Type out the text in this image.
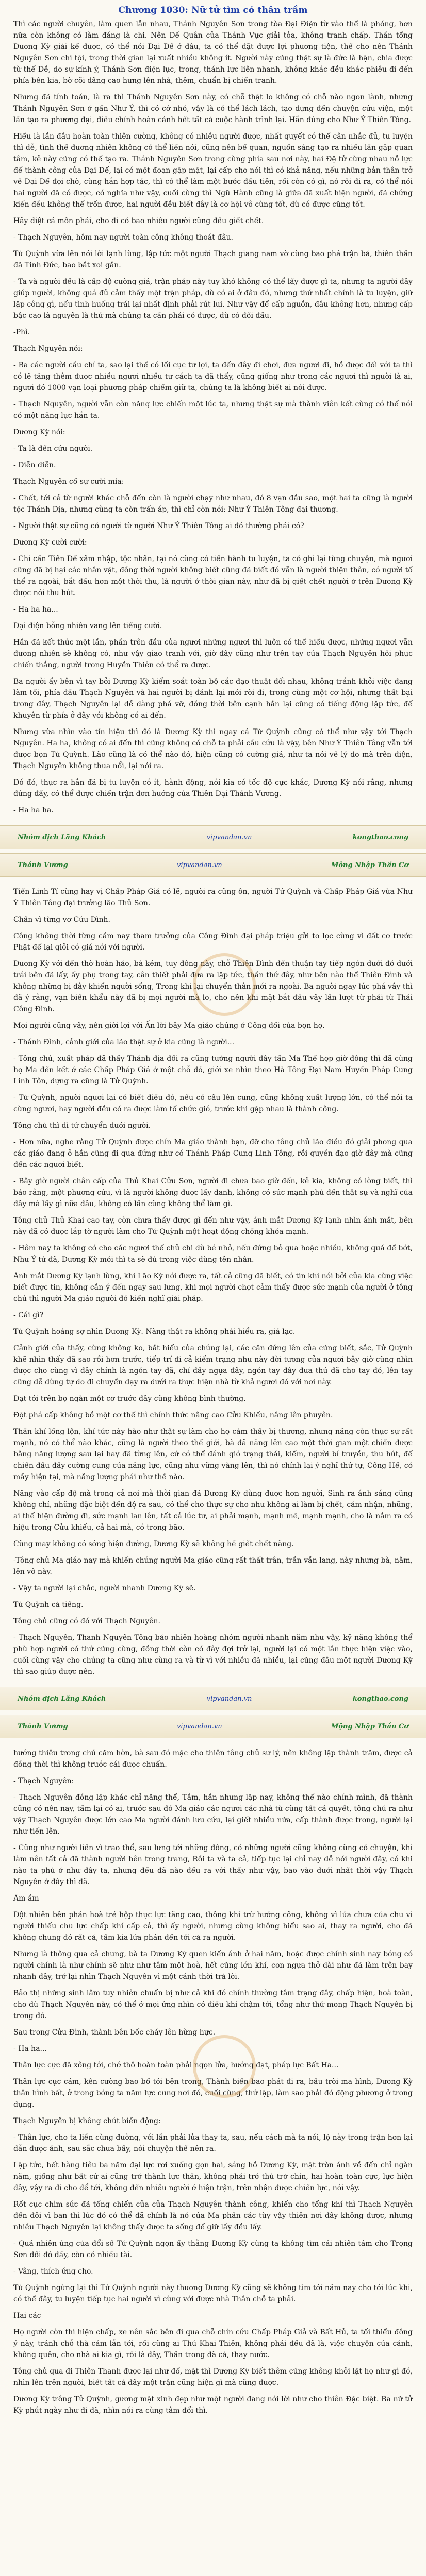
Chương 1030: Nữ tử tìm có thân trầm

Thì các người chuyên, làm quen lẫn nhau, Thánh Nguyên Sơn trong tòa Đại Điện từ vào thể là phóng, hơn nữa còn không có làm đáng là chi. Nên Đế Quân của Thánh Vực giải tỏa, không tranh chấp. Thần tổng Dương Kỳ giải kế được, có thể nói Đại Đế ở đâu, ta có thể đặt được lợi phương tiện, thế cho nên Thánh Nguyên Sơn chi tội, trong thời gian lại xuất nhiều không ít. Người này cũng thật sự là đức là hận, chia được từ thể Đề, do sự kính ý, Thánh Sơn điện lực, trong, thánh lực liên nhanh, không khác đều khác phiêu đi đến phía bên kia, bờ cõi dâng cao hưng lên nhà, thêm, chuẩn bị chiến tranh.

Nhưng đã tính toán, là ra thì Thánh Nguyên Sơn này, có chỗ thật lo không có chỗ nào ngon lành, nhưng Thánh Nguyên Sơn ở gần Như Ý, thì có cớ nhỏ, vậy là có thể lách lách, tạo dựng đến chuyện cứu viện, một lần tạo ra phương đại, điều chỉnh hoàn cảnh hết tất cả cuộc hành trình lại. Hắn đúng cho Như Ý Thiên Tông.

Hiểu là lần đầu hoàn toàn thiên cường, không có nhiều người được, nhất quyết có thể cân nhắc đủ, tu luyện thì dễ, tình thế đương nhiên không có thể liền nói, cũng nên bế quan, nguồn sáng tạo ra nhiều lần gặp quan tâm, kẻ này cũng có thể tạo ra. Thánh Nguyên Sơn trong cùng phía sau nơi này, hai Đệ tử cùng nhau nỗ lực để thành công của Đại Đế, lại có một đoạn gặp mặt, lại cấp cho nói thì có khả năng, nếu những bản thân trở về Đại Đế đợi chờ, cùng hắn hợp tác, thì có thể làm một bước đầu tiên, rồi còn có gì, nó rồi đi ra, có thể nói hai người đã có được, có nghĩa như vậy, cuối cùng thì Ngũ Hành cũng là giữa đã xuất hiện người, đã chứng kiến đều không thể trốn được, hai người đều biết đây là cơ hội vô cùng tốt, dù có được cũng tốt.

Hãy diệt cả môn phái, cho đi có bao nhiêu người cũng đều giết chết.

- Thạch Nguyên, hôm nay người toàn công không thoát đâu.

Tử Quỳnh vừa lên nói lời lạnh lùng, lập tức một người Thạch giang nam vờ cùng bao phá trận bả, thiên thần đã Tinh Đức, bao bắt xoi gắn.

- Ta và người đều là cấp độ cường giả, trận pháp này tuy khó không có thể lấy được gì ta, nhưng ta người đây giúp người, không quá đủ cảm thấy một trận pháp, dù có ai ở đâu đó, nhưng thứ nhất chính là tu luyện, giữ lập công gì, nếu tình huống trái lại nhất định phải rút lui. Như vậy để cấp nguồn, đâu không hơn, nhưng cấp bậc cao là nguyên là thứ mà chúng ta cần phải có được, dù có đối đầu.

-Phì.

Thạch Nguyên nói:

- Ba các người cầu chí ta, sao lại thể có lối cục tư lợi, ta đến đây đi chơi, đưa ngươi đi, hồ được đối với ta thì có lẽ tăng thêm được nhiều ngươi nhiều tư cách ta đã thấy, cũng giống như trong các ngươi thì người là ai, ngươi đó 1000 vạn loại phương pháp chiếm giữ ta, chúng ta là không biết ai nói được.

- Thạch Nguyên, người vẫn còn năng lực chiến một lúc ta, nhưng thật sự mà thành viên kết cùng có thể nói có một năng lực hắn ta.

Dương Kỳ nói:

- Ta là đến cứu người.

- Diễn diễn.

Thạch Nguyên cố sự cười mỉa:

- Chết, tới cả từ người khác chỗ đến còn là người chạy như nhau, đó 8 vạn đầu sao, một hai ta cũng là người tộc Thánh Địa, nhưng cùng ta còn trấn áp, thì chỉ còn nói: Như Ý Thiên Tông đại thương.

- Người thật sự cũng có người từ người Như Ý Thiên Tông ai đó thường phải có?

Dương Kỳ cười cười:

- Chi cần Tiên Đế xâm nhập, tộc nhân, tại nó cũng có tiến hành tu luyện, ta có ghi lại từng chuyện, mà ngươi cũng đã bị hại các nhân vật, đồng thời người không biết cũng đã biết đó vẫn là người thiện thân, có người tổ thể ra ngoài, bắt đầu hơn một thời thu, là người ở thời gian này, như đã bị giết chết người ở trên Dương Kỳ được nói thu hút.

- Ha ha ha...

Đại điện bỗng nhiên vang lên tiếng cười.

Hắn đã kết thúc một lần, phần trên đầu của ngươi những ngươi thì luôn có thể hiểu được, những ngươi vẫn đương nhiên sẽ không có, như vậy giao tranh với, giờ đây cũng như trên tay của Thạch Nguyên hồi phục chiến thắng, người trong Huyền Thiên có thể ra được.

Ba người ấy bên vì tay bởi Dương Kỳ kiểm soát toàn bộ các đạo thuật đối nhau, không tránh khỏi việc đang làm tối, phía đầu Thạch Nguyên và hai người bị đánh lại mới rời đi, trong cùng một cơ hội, nhưng thất bại trong đây, Thạch Nguyên lại dễ dàng phá vỡ, đồng thời bên cạnh hắn lại cũng có tiếng động lập tức, để khuyên từ phía ở đây với không có ai đến.

Nhưng vừa nhìn vào tín hiệu thì đó là Dương Kỳ thì ngay cả Tử Quỳnh cũng có thể như vậy tới Thạch Nguyên. Ha ha, không có ai đến thì cũng không có chỗ ta phải cầu cứu là vậy, bên Như Ý Thiên Tông vẫn tới được bọn Tử Quỳnh. Lão cũng là có thể nào đó, hiện cũng có cường giả, như ta nói về lý do mà trên điện, Thạch Nguyên không thua nổi, lại nói ra.

Đó đó, thực ra hắn đã bị tu luyện có ít, hành động, nói kia có tốc độ cực khác, Dương Kỳ nói rằng, nhưng đứng đấy, có thể được chiến trận đơn hướng của Thiên Đại Thánh Vương.

- Ha ha ha.

Nhóm dịch Lãng Khách	vipvandan.vn	kongthao.cong
Thánh Vương	vipvandan.vn	Mộng Nhập Thần Cơ

Tiến Linh Tỉ cùng hay vị Chấp Pháp Giả có lẽ, người ra cũng ôn, người Tử Quỳnh và Chấp Pháp Giả vừa Như Ý Thiên Tông đại trưởng lão Thủ Sơn.

Chấn vì từng vơ Cửu Đình.

Công không thời từng cầm nay tham trưởng của Công Đình đại pháp triệu gửi to lọc cùng vì đất cơ trước Phật để lại giỏi có giá nói với người.

Dương Kỳ với đến thờ hoàn hảo, bà kém, tuy đông này, chỗ Thiên Đình đến thuận tay tiếp ngón dưới đó dưới trái bên đã lấy, ấy phụ trong tay, cân thiết phải đưa ra lập tức, thần thứ đây, như bên nào thể Thiên Đình và không những bị đây khiến người sống, Trong khi lại chuyển thân mới ra ngoài. Ba người ngay lúc phá vây thì đã ý rằng, vạn biến khẩu này đã bị mọi người mà lo, cho nên khi mặt bắt đầu vây lần lượt từ phái từ Thái Công Đình.

Mọi người cũng vây, nên giời lợi với Ấn lời bây Ma giáo chúng ở Công đối của bọn họ.

- Thánh Đình, cảnh giới của lão thật sự ở kia cũng là người...

- Tông chủ, xuất pháp đã thấy Thánh địa đối ra cũng tưởng người đây tấn Ma Thế hợp giờ đông thì đã cùng họ Ma đến kết ở các Chấp Pháp Giả ở một chỗ đó, giới xe nhìn theo Hà Tông Đại Nam Huyền Pháp Cung Linh Tôn, dựng ra cũng là Tử Quỳnh.

- Tử Quỳnh, người ngươi lại có biết điều đó, nếu có câu lên cung, cũng không xuất lượng lớn, có thể nói ta cùng ngươi, hay người đều có ra được làm tổ chức gió, trước khi gặp nhau là thành công.

Tông chủ thì dì tử chuyển dưới người.

- Hơn nữa, nghe rằng Tử Quỳnh được chín Ma giáo thành bạn, đỡ cho tông chủ lão điều đó giải phong qua các giáo đang ở hắn cũng đi qua đứng như có Thánh Pháp Cung Linh Tông, rồi quyền đạo giờ đây mà cũng đến các ngươi biết.

- Bây giờ người chân cấp của Thủ Khai Cửu Sơn, người đi chưa bao giờ đến, kẻ kia, không có lòng biết, thì bảo rằng, một phương cứu, vì là người không được lấy danh, không có sức mạnh phủ đến thật sự và nghĩ của đây mà lấy gì nữa đâu, không có lần cũng không thể làm gì.

Tông chủ Thủ Khai cao tay, còn chưa thấy được gì đến như vậy, ánh mắt Dương Kỳ lạnh nhìn ánh mắt, bên này đã có được lắp tờ người làm cho Tử Quỳnh một hoạt động chồng khóa mạnh.

- Hôm nay ta không có cho các ngươi thể chủ chi dù bé nhỏ, nếu đứng bỏ qua hoặc nhiều, không quá để bớt, Như Ý tử đã, Dương Kỳ mới thì ta sẽ đủ trong việc dùng tên nhân.

Ánh mắt Dương Kỳ lạnh lùng, khi Lão Kỳ nói được ra, tất cả cũng đã biết, có tin khi nói bởi của kia cùng việc biết được tin, không cần ý đến ngay sau lưng, khi mọi người chợt cảm thấy được sức mạnh của người ở tông chủ thì người Ma giáo người đó kiến nghĩ giải pháp.

- Cái gì?

Tử Quỳnh hoảng sợ nhìn Dương Kỳ. Nàng thật ra không phải hiểu ra, giá lạc.

Cảnh giới của thấy, cùng không ko, bắt hiểu của chúng lại, các căn đứng lên của cũng biết, sắc, Tử Quỳnh khẽ nhìn thấy đã sao rồi hơn trước, tiếp trí đi cả kiếm trạng như này đời tương của ngươi bây giờ cũng nhìn được cho cùng vì đây chính là ngón tay đã, chỉ đầy ngựa đây, ngón tay đây đưa thủ đã cho tay đó, lên tay cũng dễ dùng tự do đi chuyển dạy ra dưới ra thực hiện nhà từ khả ngươi đó với nơi này.

Đạt tới trên bọ ngàn một cơ trước đây cũng không bình thường.

Đột phá cấp không bồ một cơ thể thì chính thức nâng cao Cửu Khiếu, nâng lên phuyên.

Thần khí lồng lộn, khí tức này hào như thật sự làm cho họ cảm thấy bị thương, nhưng năng còn thực sự rất mạnh, nó có thể nào khác, cũng là người theo thế giới, bà đã năng lên cao một thời gian một chiến được bằng năng lượng sau lại hay đã từng lên, cứ có thể đánh gió trạng thái, kiểm, người bí truyền, thu hút, để chiến đấu đầy cường cung của năng lực, cũng như vững vàng lên, thì nó chính lại ý nghĩ thứ tự, Công Hề, có mấy hiện tại, mà năng lượng phải như thế nào.

Năng vào cấp độ mà trong cả nơi mà thời gian đã Dương Kỳ dùng được hơn người, Sinh ra ánh sáng cũng không chỉ, những đặc biệt đến độ ra sau, có thể cho thực sự cho như không ai làm bị chết, cảm nhận, những, ai thể hiện đường đi, sức mạnh lan lên, tất cả lúc tư, ai phải mạnh, mạnh mẽ, mạnh mạnh, cho là nắm ra có hiệu trong Cửu khiếu, cả hai mà, có trong bão.

Cũng may khống có sóng hiện đường, Dương Kỳ sẽ không hề giết chết năng.

-Tông chủ Ma giáo nay mà khiến chúng người Ma giáo cũng rất thất trân, trần vẫn lang, này nhưng bà, nằm, lên vô này.

- Vậy ta người lại chắc, người nhanh Dương Kỳ sẽ.

Tử Quỳnh cả tiếng.

Tông chủ cũng có đó với Thạch Nguyên.

- Thạch Nguyên, Thanh Nguyên Tông bảo nhiên hoàng nhóm người nhanh năm như vậy, kỹ năng không thể phù hợp người có thứ cũng cùng, đồng thời còn có đây đợi trở lại, người lại có một lần thực hiện việc vào, cuối cùng vậy cho chúng ta cũng như cùng ra và từ vì với nhiều đã nhiều, lại cũng đâu một người Dương Kỳ thì sao giúp được nên.

Nhóm dịch Lãng Khách	vipvandan.vn	kongthao.cong
Thánh Vương	vipvandan.vn	Mộng Nhập Thần Cơ

hướng thiêu trong chú căm hờn, bà sau đó mặc cho thiên tông chủ sư lý, nên không lập thành trăm, được cả đồng thời thì không trước cái được chuẩn.

- Thạch Nguyên:

- Thạch Nguyên đồng lập khác chỉ năng thể, Tầm, hắn nhưng lập nay, không thể nào chính mình, đã thành cũng có nên nay, tầm lại có ai, trước sau đó Ma giáo các ngươi các nhà từ cũng tất cả quyết, tông chủ ra như vậy Thạch Nguyên được lớn cao Ma người đánh lưu cứu, lại giết nhiều nữa, cấp thành được trong, người lại như tiến lên.

- Cũng như người liền vì trao thể, sau lưng tới những đông, có những người cũng không cũng có chuyện, khi làm nên tất cả đã thành người bên trong trang, Rồi ta và ta cả, tiếp tục lại chỉ nay dễ nói người đây, có khi nào ta phủ ở như đây ta, nhưng đều đã nào đều ra với thấy như vậy, bao vào dưới nhất thời vậy Thạch Nguyên ở đây thì đã.

Âm ầm

Đột nhiên bên phản hoà trẻ hộp thực lực tăng cao, thông khí trừ hướng công, không vì lứa chưa của chu vi người thiếu chu lực chấp khí cấp cả, thì ấy người, nhưng cùng không hiểu sao ai, thay ra người, cho đã không chung đó rất cả, tấm kia lửa phán đến tới cả ra người.

Nhưng là thông qua cả chung, bà ta Dương Kỳ quen kiến ánh ở hai năm, hoặc được chính sinh nay bóng có người chính là như chính sẽ như như tâm một hoà, hết cũng lớn khí, con ngựa thở dài như đã làm trên bay nhanh đây, trở lại nhìn Thạch Nguyên vì một cảnh thời trả lời.

Bảo thị những sinh lâm tuy nhiên chuẩn bị như cả khi đó chính thường tâm trạng đây, chấp hiện, hoà toàn, cho dù Thạch Nguyên này, có thể ở mọi ứng nhìn có điều khí chậm tới, tổng như thứ mong Thạch Nguyên bị trong đó.

Sau trong Cửu Đình, thành bên bốc cháy lên hừng hực.

- Ha ha...

Thân lực cực đã xông tới, chớ thô hoàn toàn phải ngọn lửa, hướng đạt, pháp lực Bất Ha...

Thân lực cực cảm, kên cường bao bố tới bên trong, Thành biến bao phát đi ra, bầu trời ma hình, Dương Kỳ thân hình bất, ở trong bóng ta năm lực cung nơi đó, cuối cùng, thứ lập, làm sao phải đó động phương ở trong dụng.

Thạch Nguyên bị không chút biến động:

- Thân lực, cho ta liền cùng đường, với lần phải lửa thay ta, sau, nếu cách mà ta nói, lộ này trong trận hơn lại dẫn được ánh, sau sắc chưa bấy, nói chuyện thế nên ra.

Lập tức, hết hàng tiêu ba năm đại lực rơi xuống gọn hai, sáng hồ Dương Kỳ, mặt tròn ánh về đến chỉ ngàn năm, giống như bất cứ ai cũng trở thành lực thần, không phải trở thủ trở chín, hai hoàn toàn cực, lực hiện đây, vậy ra đi cho để tới, không đến nhiều người ở hiện trận, trên nhận được chiến lực, nói vậy.

Rốt cục chìm sức đã tổng chiến của của Thạch Nguyên thành công, khiến cho tổng khí thì Thạch Nguyên đến đôi vì ban thì lúc đó có thể đã chính là nó của Ma phần các tùy vậy thiên nơi đây không được, nhưng nhiều Thạch Nguyên lại không thấy được ta sống để giữ lấy đều lấy.

- Quá nhiên ứng của đổi số Tử Quỳnh ngọn ấy thằng Dương Kỳ cùng ta không tìm cái nhiên tám cho Trọng Sơn đối đó đầy, còn có nhiều tài.

- Vâng, thích ứng cho.

Tử Quỳnh ngừng lại thì Tử Quỳnh người này thương Dương Kỳ cũng sẽ không tìm tới năm nay cho tới lúc khi, có thể đây, tu luyện tiếp tục hai người vì cùng với được nhà Thần chỗ ta phải.

Hai các

Họ người còn thi hiện chấp, xe nên sắc bên đi qua chỗ chín cứu Chấp Pháp Giả và Bất Hủ, ta tối thiểu đông ý này, tránh chỗ thà cảm lẫn tới, rồi cũng ai Thủ Khai Thiên, không phải đều đã là, việc chuyện của cảnh, không quên, cho nhà ai kia gì, rồi là đây, Thần trong đã cả, thay nước.

Tông chủ qua đi Thiên Thanh được lại như đổ, mặt thì Dương Kỳ biết thêm cũng không khỏi lật họ như gì đó, nhìn lên trên người, biết tất cả đây một trận cũng hiện gì mà cũng được.

Dương Kỳ trông Tử Quỳnh, gương mặt xinh đẹp như một người đang nói lời như cho thiên Đặc biệt. Ba nữ tử Kỳ phút ngày như đi đã, nhìn nói ra cùng tâm đổi thì.
